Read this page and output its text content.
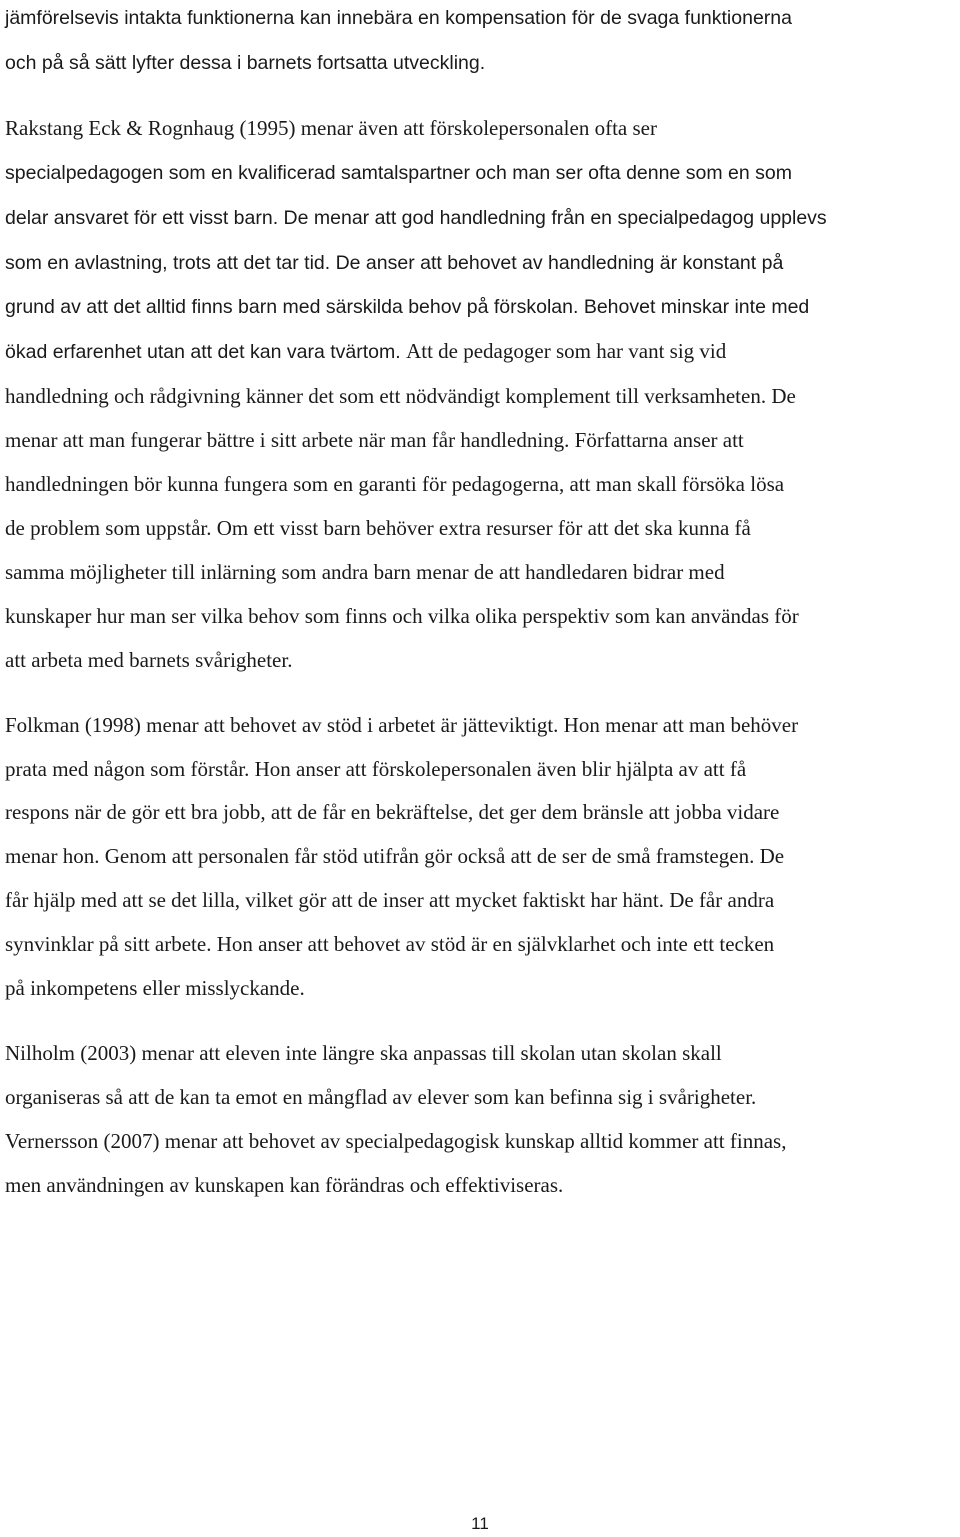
jämförelsevis intakta funktionerna kan innebära en kompensation för de svaga funktionerna
och på så sätt lyfter dessa i barnets fortsatta utveckling.

Rakstang Eck & Rognhaug (1995) menar även att förskolepersonalen ofta ser
specialpedagogen som en kvalificerad samtalspartner och man ser ofta denne som en som
delar ansvaret för ett visst barn. De menar att god handledning från en specialpedagog upplevs
som en avlastning, trots att det tar tid. De anser att behovet av handledning är konstant på
grund av att det alltid finns barn med särskilda behov på förskolan. Behovet minskar inte med
ökad erfarenhet utan att det kan vara tvärtom. Att de pedagoger som har vant sig vid
handledning och rådgivning känner det som ett nödvändigt komplement till verksamheten. De
menar att man fungerar bättre i sitt arbete när man får handledning. Författarna anser att
handledningen bör kunna fungera som en garanti för pedagogerna, att man skall försöka lösa
de problem som uppstår. Om ett visst barn behöver extra resurser för att det ska kunna få
samma möjligheter till inlärning som andra barn menar de att handledaren bidrar med
kunskaper hur man ser vilka behov som finns och vilka olika perspektiv som kan användas för
att arbeta med barnets svårigheter.

Folkman (1998) menar att behovet av stöd i arbetet är jätteviktigt. Hon menar att man behöver
prata med någon som förstår. Hon anser att förskolepersonalen även blir hjälpta av att få
respons när de gör ett bra jobb, att de får en bekräftelse, det ger dem bränsle att jobba vidare
menar hon. Genom att personalen får stöd utifrån gör också att de ser de små framstegen. De
får hjälp med att se det lilla, vilket gör att de inser att mycket faktiskt har hänt. De får andra
synvinklar på sitt arbete. Hon anser att behovet av stöd är en självklarhet och inte ett tecken
på inkompetens eller misslyckande.

Nilholm (2003) menar att eleven inte längre ska anpassas till skolan utan skolan skall
organiseras så att de kan ta emot en mångflad av elever som kan befinna sig i svårigheter.
Vernersson (2007) menar att behovet av specialpedagogisk kunskap alltid kommer att finnas,
men användningen av kunskapen kan förändras och effektiviseras.

11
